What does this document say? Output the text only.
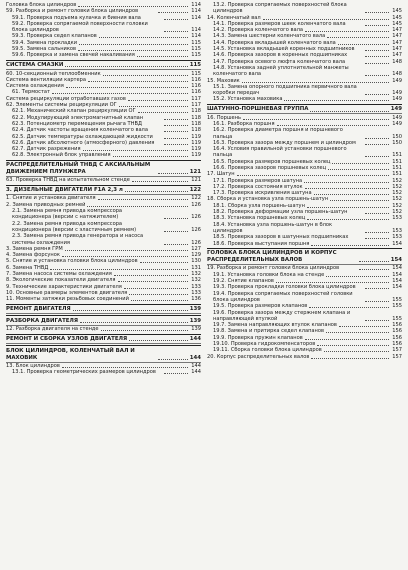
Головка блока цилиндров	114
59. Разборка и ремонт головки блока цилиндров	114
59.1. Проверка подъема кулачка и биения вала	114
59.2. Проверка сопрягаемой поверхности головки блока цилиндров	114
59.3. Проверка седел клапанов	114
59.4. Замена прокладки	115
59.5. Замена сальников	115
59.6. Проверка и замена свечей накаливания	115
СИСТЕМА СМАЗКИ	115
60. 10-секционный теплообменник	115
Система вентиляции картера	116
Система охлаждения	116
61. Термостат	116
Система рециркуляции отработавших газов	117
62. Элементы системы рециркуляции ОГ	117
62.1. Механический клапан рециркуляции ОГ	118
62.2. Модулирующий электромагнитный клапан	118
62.3. Потенциометр перемещения рычага ТНВД	118
62.4. Датчик частоты вращения коленчатого вала	118
62.5. Датчик температуры охлаждающей жидкости	119
62.6. Датчик абсолютного (атмосферного) давления	119
62.7. Датчик разрежения	119
62.8. Электронный блок управления	119
РАСПРЕДЕЛИТЕЛЬНЫЙ ТНВД С АКСИАЛЬНЫМ ДВИЖЕНИЕМ ПЛУНЖЕРА	121
63. Проверка ТНВД на испытательном стенде	121
3. ДИЗЕЛЬНЫЕ ДВИГАТЕЛИ F1A 2,3 л	122
1. Снятие и установка двигателя	122
2. Замена приводных ремней	126
2.1. Замена ремня привода компрессора кондиционера (версии с натяжителем)	126
2.2. Замена ремня привода компрессора кондиционера (версии с эластичным ремнем)	126
2.3. Замена ремня привода генератора и насоса системы охлаждения	126
3. Замена ремня ГРМ	127
4. Замена форсунок	129
5. Снятие и установка головки блока цилиндров	130
6. Замена ТНВД	131
7. Замена насоса системы охлаждения	132
8. Экологические показатели двигателя	132
9. Технические характеристики двигателя	133
10. Основные размеры элементов двигателя	133
11. Моменты затяжки резьбовых соединений	136
РЕМОНТ ДВИГАТЕЛЯ	139
РАЗБОРКА ДВИГАТЕЛЯ	139
12. Разборка двигателя на стенде	139
РЕМОНТ И СБОРКА УЗЛОВ ДВИГАТЕЛЯ	144
БЛОК ЦИЛИНДРОВ, КОЛЕНЧАТЫЙ ВАЛ И МАХОВИК	144
13. Блок цилиндров	144
13.1. Проверка геометрических размеров цилиндров	144
13.2. Проверка сопрягаемых поверхностей блока цилиндров	145
14. Коленчатый вал	145
14.1. Проверка размеров шеек коленчатого вала	145
14.2. Проверка коленчатого вала	147
14.3. Замена шестерни коленчатого вала	147
14.4. Проверка вкладышей коленчатого вала	147
14.5. Установка вкладышей коренных подшипников	147
14.6. Проверка зазоров в коренных подшипниках	147
14.7. Проверка осевого люфта коленчатого вала	148
14.8. Установка задней уплотнительной манжеты коленчатого вала	148
15. Маховик	149
15.1. Замена опорного подшипника первичного вала коробки передач	149
15.2. Установка маховика	149
ШАТУННО-ПОРШНЕВАЯ ГРУППА	149
16. Поршень	149
16.1. Разборка поршня	149
16.2. Проверка диаметра поршня и поршневого пальца	150
16.3. Проверка зазора между поршнем и цилиндром	150
16.4. Условия правильной установки поршневого пальца	151
16.5. Проверка размеров поршневых колец	151
16.6. Проверка зазоров поршневых колец	151
17. Шатун	151
17.1. Проверка размеров шатуна	152
17.2. Проверка состояния втулок	152
17.3. Проверка искривления шатуна	152
18. Сборка и установка узла поршень-шатун	152
18.1. Сборка узла поршень-шатун	152
18.2. Проверка деформации узла поршень-шатун	152
18.3. Установка поршневых колец	153
18.4. Установка узла поршень-шатун в блок цилиндров	153
18.5. Проверка зазоров в шатунных подшипниках	153
18.6. Проверка выступания поршня	154
ГОЛОВКА БЛОКА ЦИЛИНДРОВ И КОРПУС РАСПРЕДЕЛИТЕЛЬНЫХ ВАЛОВ	154
19. Разборка и ремонт головки блока цилиндров	154
19.1. Установка головки блока на стенде	154
19.2. Снятие клапанов	154
19.3. Проверка прокладки головки блока цилиндров	154
19.4. Проверка сопрягаемых поверхностей головки блока цилиндров	155
19.5. Проверка размеров клапанов	155
19.6. Проверка зазора между стержнем клапана и направляющей втулкой	155
19.7. Замена направляющих втулок клапанов	156
19.8. Замена и притирка седел клапанов	156
19.9. Проверка пружин клапанов	156
19.10. Проверка гидрокомпенсаторов	156
19.11. Сборка головки блока цилиндров	157
20. Корпус распределительных валов	157
